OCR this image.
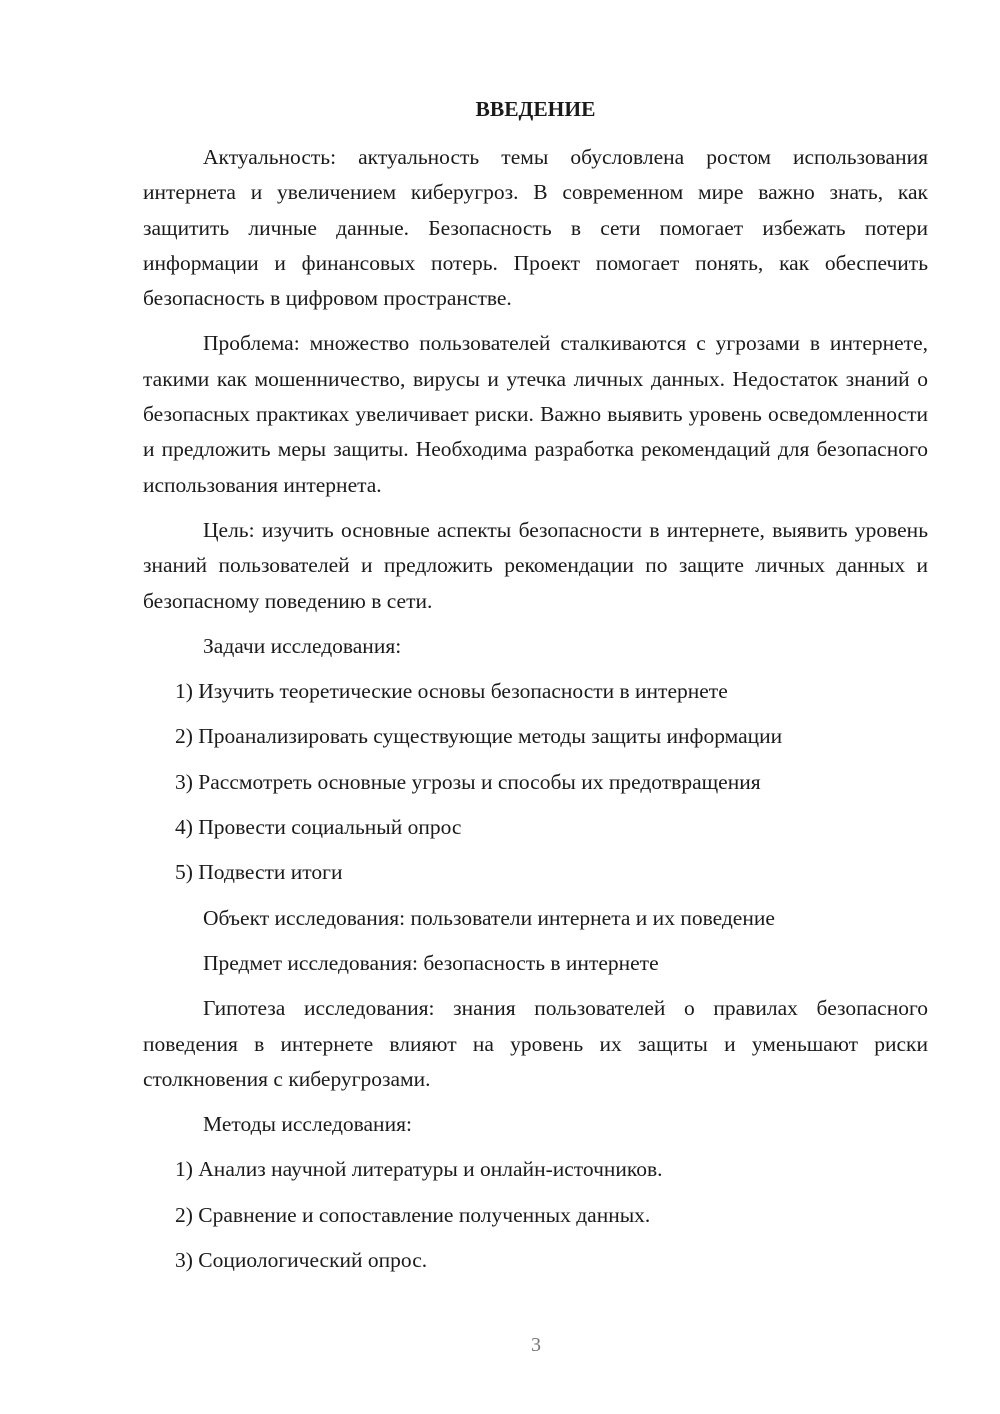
ВВЕДЕНИЕ

Актуальность: актуальность темы обусловлена ростом использования интернета и увеличением киберугроз. В современном мире важно знать, как защитить личные данные. Безопасность в сети помогает избежать потери информации и финансовых потерь. Проект помогает понять, как обеспечить безопасность в цифровом пространстве.

Проблема: множество пользователей сталкиваются с угрозами в интернете, такими как мошенничество, вирусы и утечка личных данных. Недостаток знаний о безопасных практиках увеличивает риски. Важно выявить уровень осведомленности и предложить меры защиты. Необходима разработка рекомендаций для безопасного использования интернета.

Цель: изучить основные аспекты безопасности в интернете, выявить уровень знаний пользователей и предложить рекомендации по защите личных данных и безопасному поведению в сети.

Задачи исследования:

1) Изучить теоретические основы безопасности в интернете

2) Проанализировать существующие методы защиты информации

3) Рассмотреть основные угрозы и способы их предотвращения

4) Провести социальный опрос

5) Подвести итоги

Объект исследования: пользователи интернета и их поведение

Предмет исследования: безопасность в интернете

Гипотеза исследования: знания пользователей о правилах безопасного поведения в интернете влияют на уровень их защиты и уменьшают риски столкновения с киберугрозами.

Методы исследования:

1) Анализ научной литературы и онлайн-источников.

2) Сравнение и сопоставление полученных данных.

3) Социологический опрос.

3
